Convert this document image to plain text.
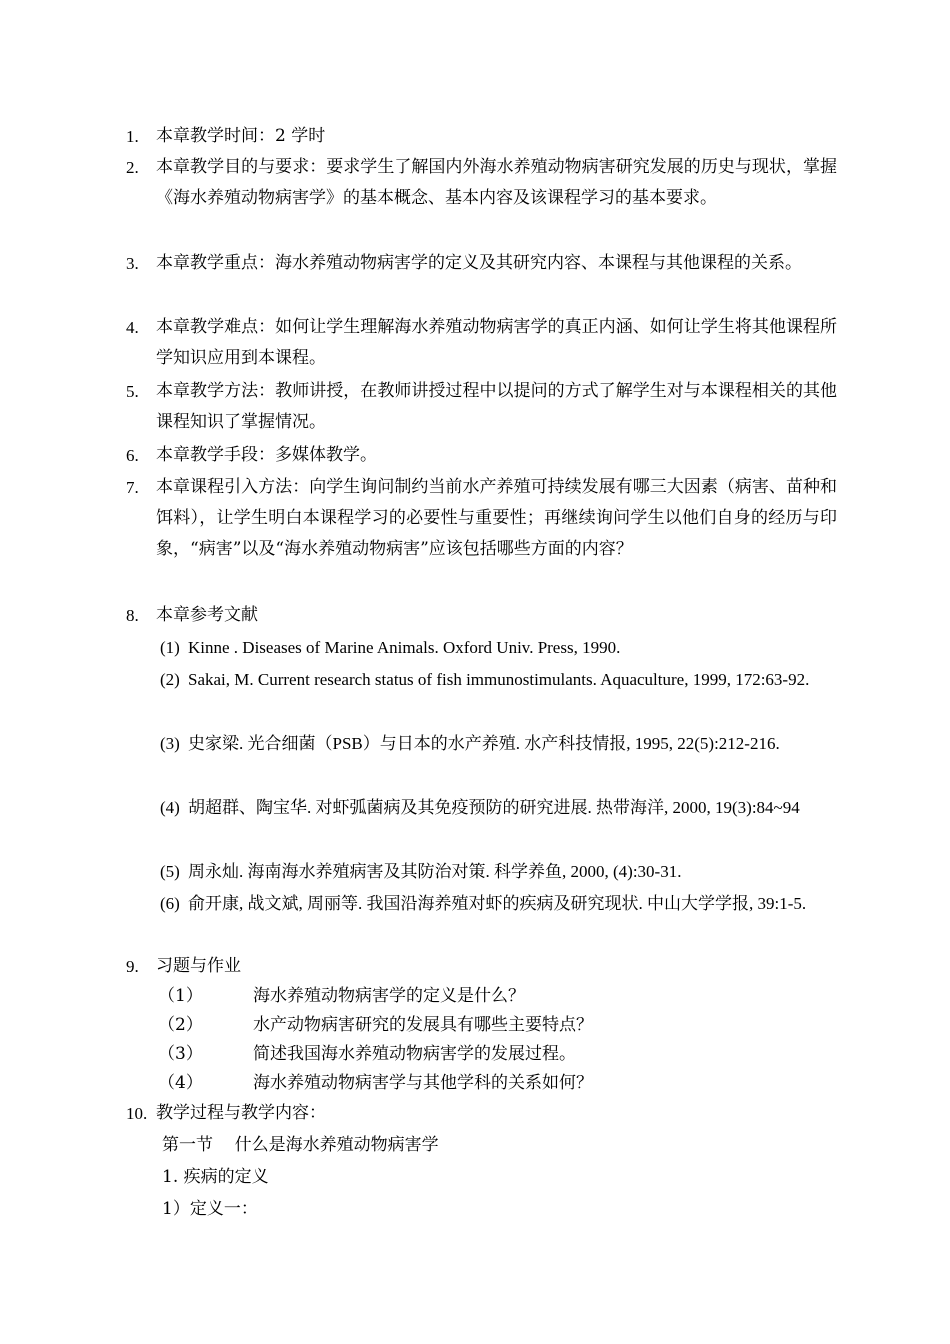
1.	本章教学时间：2 学时
2.	本章教学目的与要求：要求学生了解国内外海水养殖动物病害研究发展的历史与现状，掌握《海水养殖动物病害学》的基本概念、基本内容及该课程学习的基本要求。
3.	本章教学重点：海水养殖动物病害学的定义及其研究内容、本课程与其他课程的关系。
4.	本章教学难点：如何让学生理解海水养殖动物病害学的真正内涵、如何让学生将其他课程所学知识应用到本课程。
5.	本章教学方法：教师讲授，在教师讲授过程中以提问的方式了解学生对与本课程相关的其他课程知识了掌握情况。
6.	本章教学手段：多媒体教学。
7.	本章课程引入方法：向学生询问制约当前水产养殖可持续发展有哪三大因素（病害、苗种和饵料），让学生明白本课程学习的必要性与重要性；再继续询问学生以他们自身的经历与印象，“病害”以及“海水养殖动物病害”应该包括哪些方面的内容？
8.	本章参考文献
(1) Kinne . Diseases of Marine Animals. Oxford Univ. Press, 1990.
(2) Sakai, M. Current research status of fish immunostimulants. Aquaculture, 1999, 172:63-92.
(3) 史家梁. 光合细菌（PSB）与日本的水产养殖. 水产科技情报, 1995, 22(5):212-216.
(4) 胡超群、陶宝华. 对虾弧菌病及其免疫预防的研究进展. 热带海洋, 2000, 19(3):84~94
(5) 周永灿. 海南海水养殖病害及其防治对策. 科学养鱼, 2000, (4):30-31.
(6) 俞开康, 战文斌, 周丽等. 我国沿海养殖对虾的疾病及研究现状. 中山大学学报, 39:1-5.
9.	习题与作业
（1）	海水养殖动物病害学的定义是什么？
（2）	水产动物病害研究的发展具有哪些主要特点？
（3）	简述我国海水养殖动物病害学的发展过程。
（4）	海水养殖动物病害学与其他学科的关系如何？
10. 教学过程与教学内容：
第一节    什么是海水养殖动物病害学
1. 疾病的定义
1）定义一：
